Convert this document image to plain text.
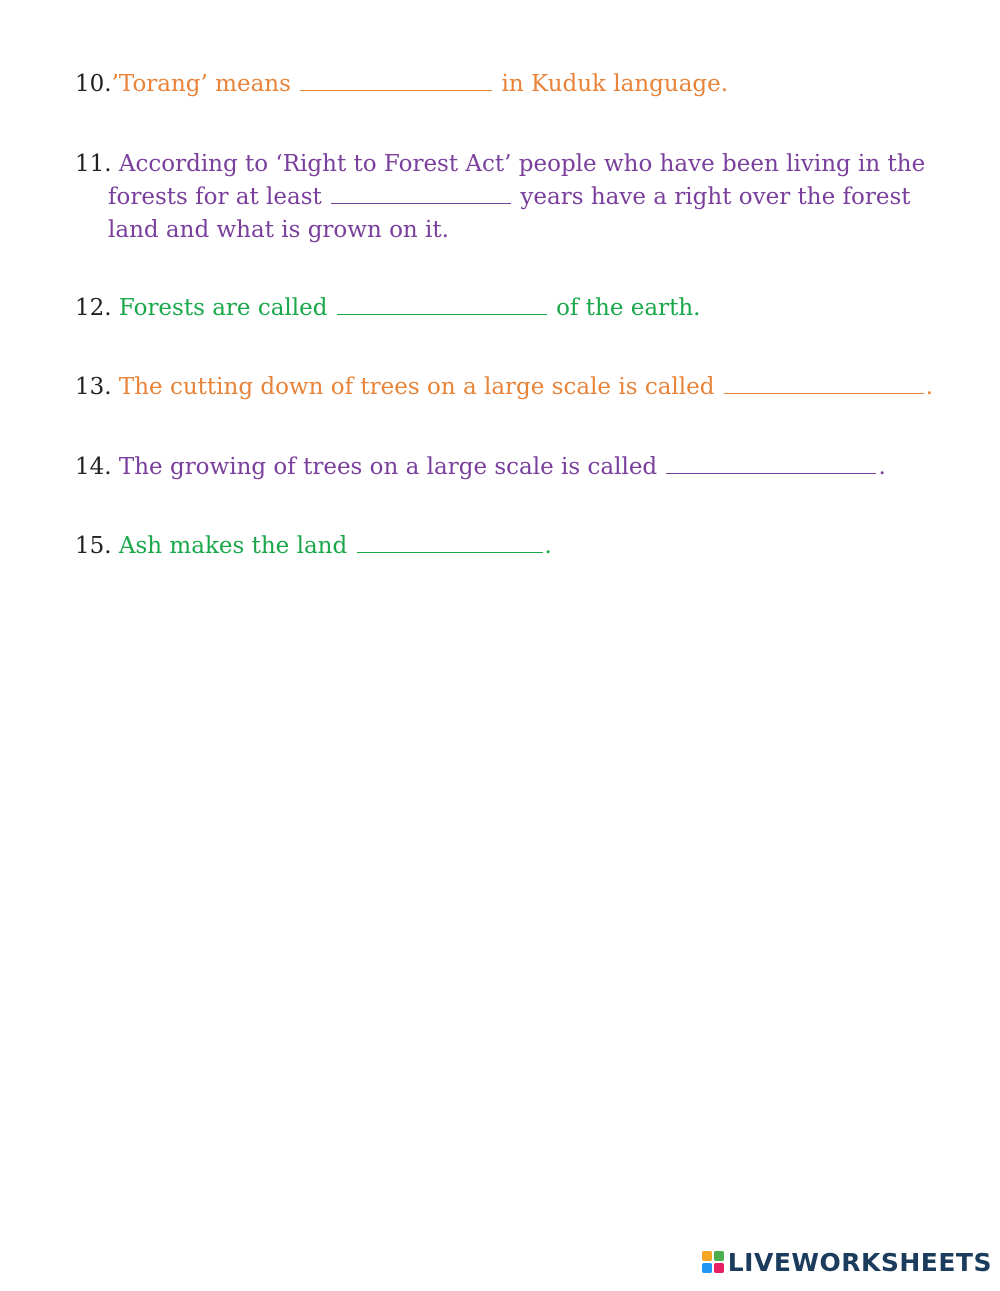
10.’Torang’ means	in Kuduk language.
11. According to ‘Right to Forest Act’ people who have been living in the forests for at least	years have a right over the forest land and what is grown on it.
12. Forests are called	of the earth.
13. The cutting down of trees on a large scale is called	.
14. The growing of trees on a large scale is called	.
15. Ash makes the land	.
LIVEWORKSHEETS
